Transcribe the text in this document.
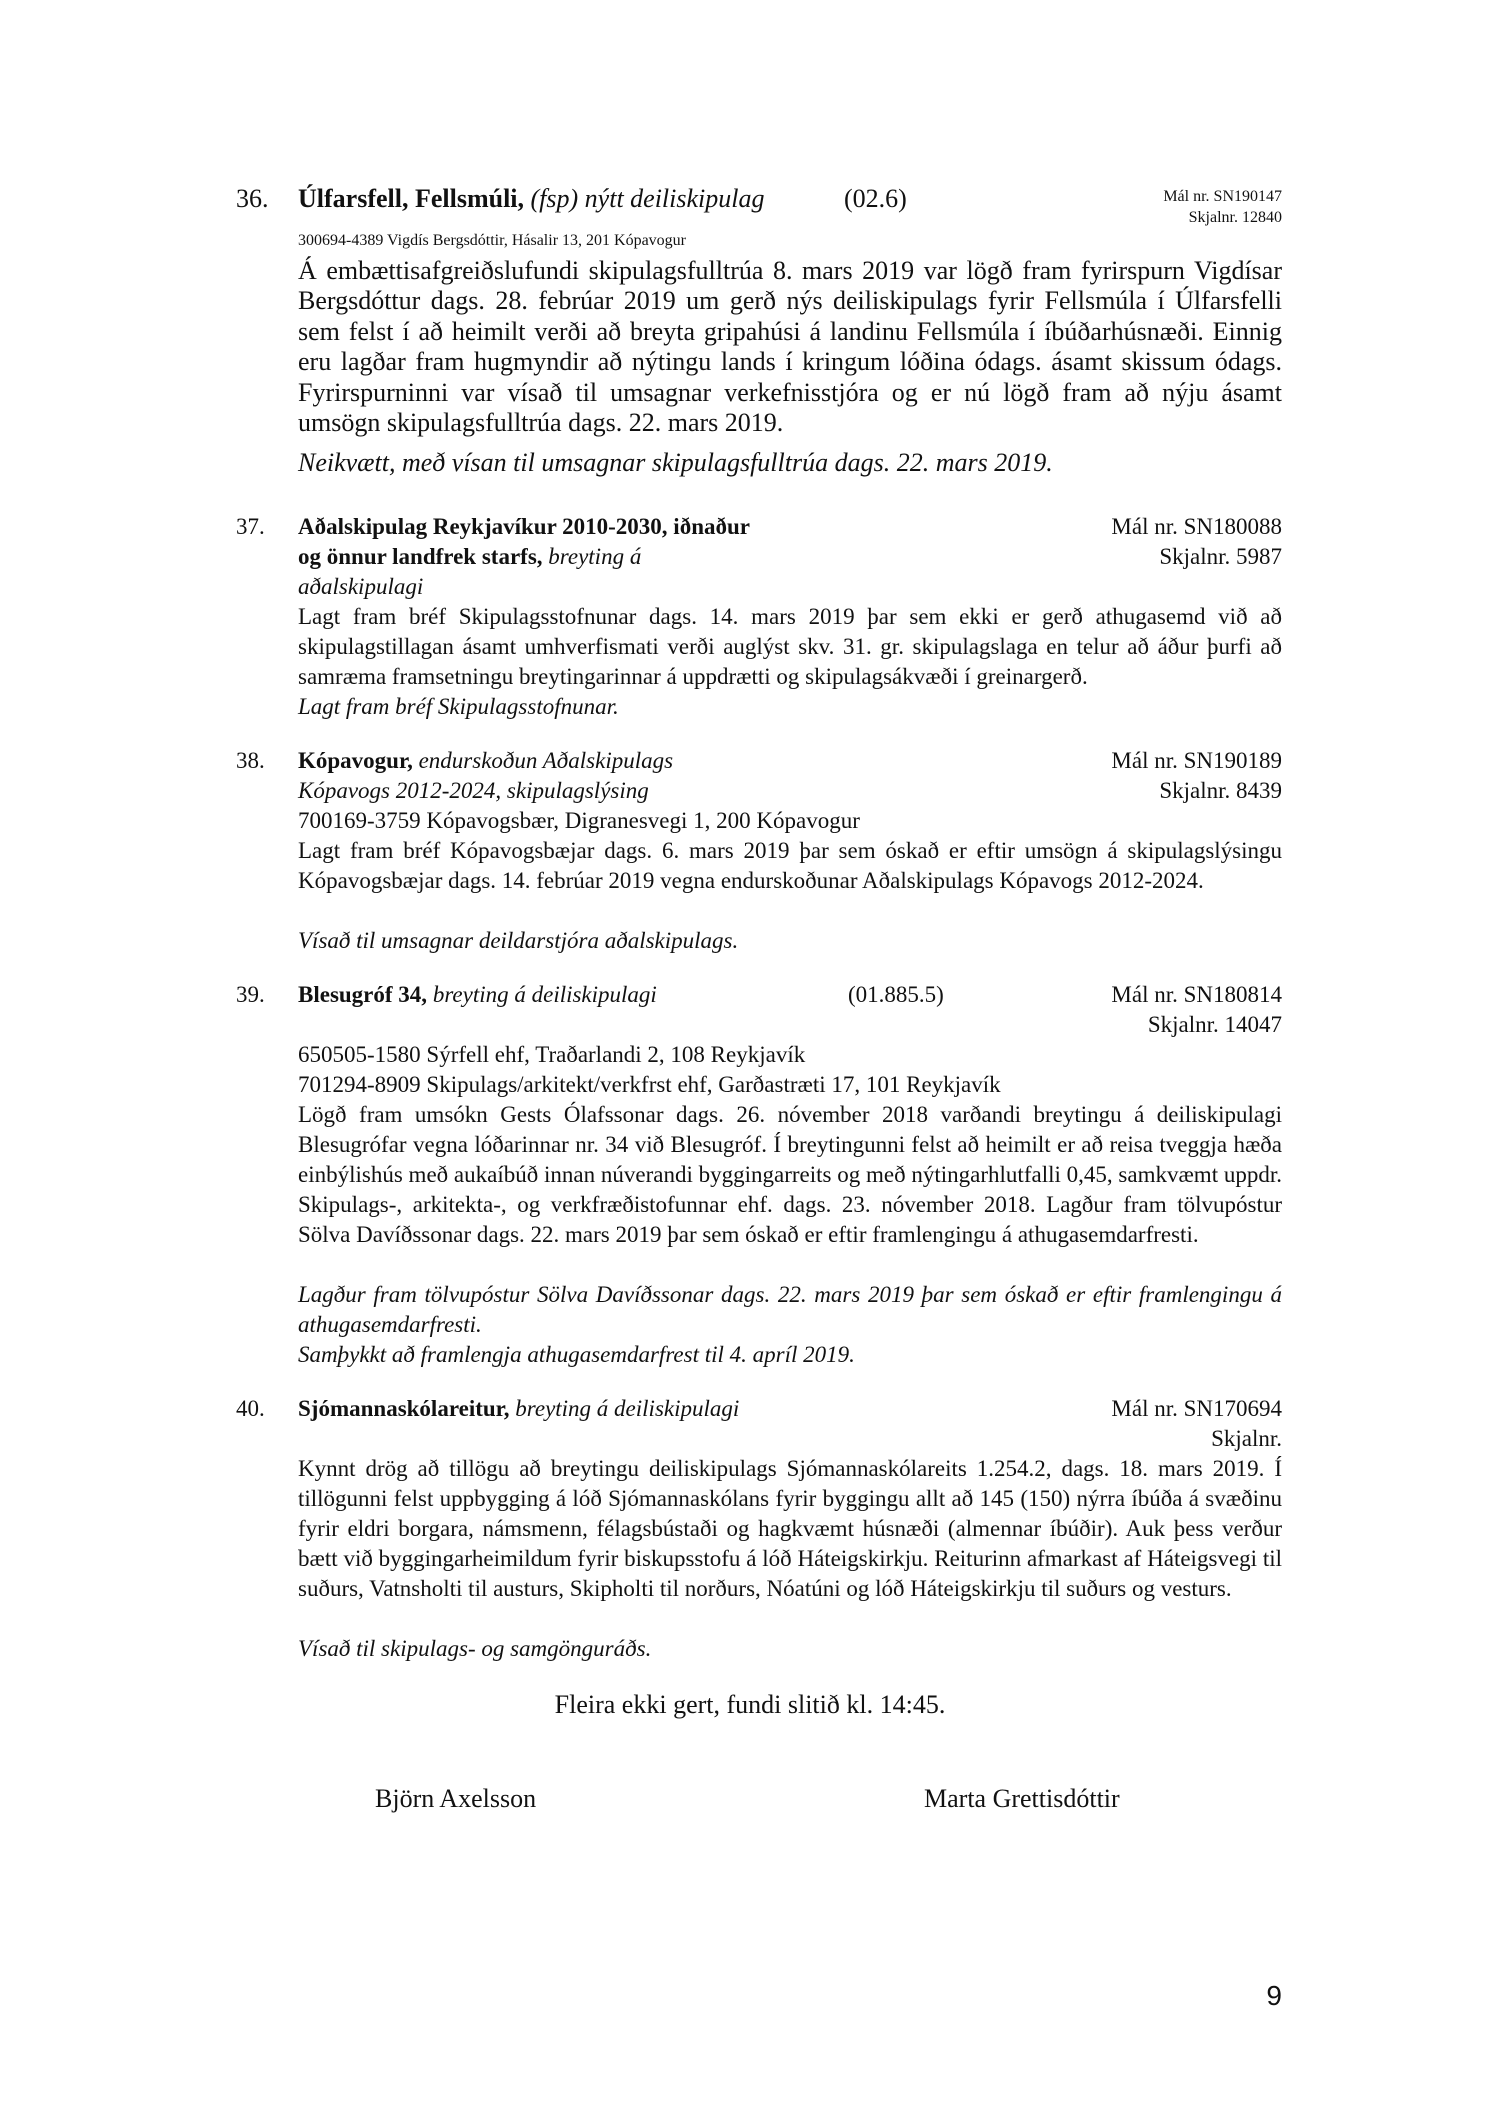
36. Úlfarsfell, Fellsmúli, (fsp) nýtt deiliskipulag	(02.6)	Mál nr. SN190147
Skjalnr. 12840
300694-4389 Vigdís Bergsdóttir, Hásalir 13, 201 Kópavogur
Á embættisafgreiðslufundi skipulagsfulltrúa 8. mars 2019 var lögð fram fyrirspurn Vigdísar Bergsdóttur dags. 28. febrúar 2019 um gerð nýs deiliskipulags fyrir Fellsmúla í Úlfarsfelli sem felst í að heimilt verði að breyta gripahúsi á landinu Fellsmúla í íbúðarhúsnæði. Einnig eru lagðar fram hugmyndir að nýtingu lands í kringum lóðina ódags. ásamt skissum ódags. Fyrirspurninni var vísað til umsagnar verkefnisstjóra og er nú lögð fram að nýju ásamt umsögn skipulagsfulltrúa dags. 22. mars 2019.
Neikvætt, með vísan til umsagnar skipulagsfulltrúa dags. 22. mars 2019.
37. Aðalskipulag Reykjavíkur 2010-2030, iðnaður
og önnur landfrek starfs, breyting á
aðalskipulagi
Mál nr. SN180088
Skjalnr. 5987
Lagt fram bréf Skipulagsstofnunar dags. 14. mars 2019 þar sem ekki er gerð athugasemd við að skipulagstillagan ásamt umhverfismati verði auglýst skv. 31. gr. skipulagslaga en telur að áður þurfi að samræma framsetningu breytingarinnar á uppdrætti og skipulagsákvæði í greinargerð.
Lagt fram bréf Skipulagsstofnunar.
38. Kópavogur, endurskoðun Aðalskipulags
Kópavogs 2012-2024, skipulagslýsing
Mál nr. SN190189
Skjalnr. 8439
700169-3759 Kópavogsbær, Digranesvegi 1, 200 Kópavogur
Lagt fram bréf Kópavogsbæjar dags. 6. mars 2019 þar sem óskað er eftir umsögn á skipulagslýsingu Kópavogsbæjar dags. 14. febrúar 2019 vegna endurskoðunar Aðalskipulags Kópavogs 2012-2024.
Vísað til umsagnar deildarstjóra aðalskipulags.
39. Blesugróf 34, breyting á deiliskipulagi	(01.885.5)	Mál nr. SN180814
Skjalnr. 14047
650505-1580 Sýrfell ehf, Traðarlandi 2, 108 Reykjavík
701294-8909 Skipulags/arkitekt/verkfrst ehf, Garðastræti 17, 101 Reykjavík
Lögð fram umsókn Gests Ólafssonar dags. 26. nóvember 2018 varðandi breytingu á deiliskipulagi Blesugrófar vegna lóðarinnar nr. 34 við Blesugróf. Í breytingunni felst að heimilt er að reisa tveggja hæða einbýlishús með aukaíbúð innan núverandi byggingarreits og með nýtingarhlutfalli 0,45, samkvæmt uppdr. Skipulags-, arkitekta-, og verkfræðistofunnar ehf. dags. 23. nóvember 2018. Lagður fram tölvupóstur Sölva Davíðssonar dags. 22. mars 2019 þar sem óskað er eftir framlengingu á athugasemdarfresti.
Lagður fram tölvupóstur Sölva Davíðssonar dags. 22. mars 2019 þar sem óskað er eftir framlengingu á athugasemdarfresti.
Samþykkt að framlengja athugasemdarfrest til 4. apríl 2019.
40. Sjómannaskólareitur, breyting á deiliskipulagi	Mál nr. SN170694
Skjalnr.
Kynnt drög að tillögu að breytingu deiliskipulags Sjómannaskólareits 1.254.2, dags. 18. mars 2019. Í tillögunni felst uppbygging á lóð Sjómannaskólans fyrir byggingu allt að 145 (150) nýrra íbúða á svæðinu fyrir eldri borgara, námsmenn, félagsbústaði og hagkvæmt húsnæði (almennar íbúðir). Auk þess verður bætt við byggingarheimildum fyrir biskupsstofu á lóð Háteigskirkju. Reiturinn afmarkast af Háteigsvegi til suðurs, Vatnsholti til austurs, Skipholti til norðurs, Nóatúni og lóð Háteigskirkju til suðurs og vesturs.
Vísað til skipulags- og samgönguráðs.
Fleira ekki gert, fundi slitið kl. 14:45.
Björn Axelsson	Marta Grettisdóttir
9
